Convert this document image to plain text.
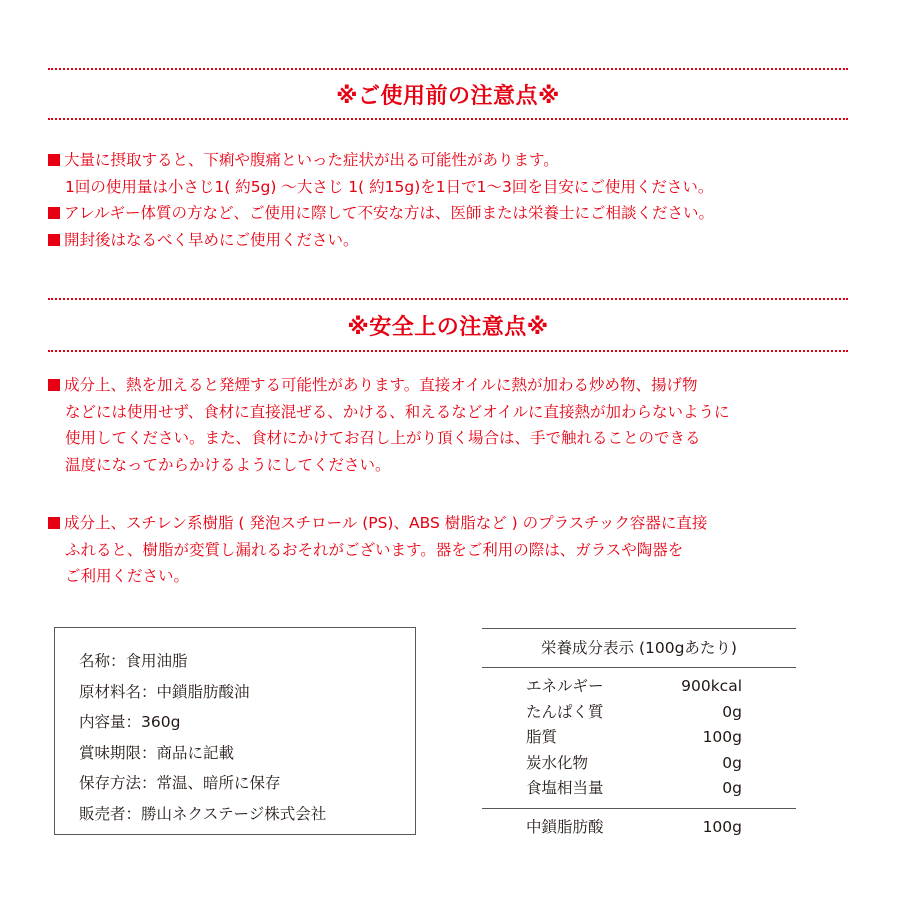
※ご使用前の注意点※
大量に摂取すると、下痢や腹痛といった症状が出る可能性があります。
1回の使用量は小さじ1( 約5g) 〜大さじ 1( 約15g)を1日で1〜3回を目安にご使用ください。
アレルギー体質の方など、ご使用に際して不安な方は、医師または栄養士にご相談ください。
開封後はなるべく早めにご使用ください。
※安全上の注意点※
成分上、熱を加えると発煙する可能性があります。直接オイルに熱が加わる炒め物、揚げ物
などには使用せず、食材に直接混ぜる、かける、和えるなどオイルに直接熱が加わらないように
使用してください。また、食材にかけてお召し上がり頂く場合は、手で触れることのできる
温度になってからかけるようにしてください。
成分上、スチレン系樹脂 ( 発泡スチロール (PS)、ABS 樹脂など ) のプラスチック容器に直接
ふれると、樹脂が変質し漏れるおそれがございます。器をご利用の際は、ガラスや陶器を
ご利用ください。
名称：食用油脂
原材料名：中鎖脂肪酸油
内容量：360g
賞味期限：商品に記載
保存方法：常温、暗所に保存
販売者：勝山ネクステージ株式会社
栄養成分表示 (100gあたり)
エネルギー	900kcal
たんぱく質	0g
脂質	100g
炭水化物	0g
食塩相当量	0g
中鎖脂肪酸	100g
